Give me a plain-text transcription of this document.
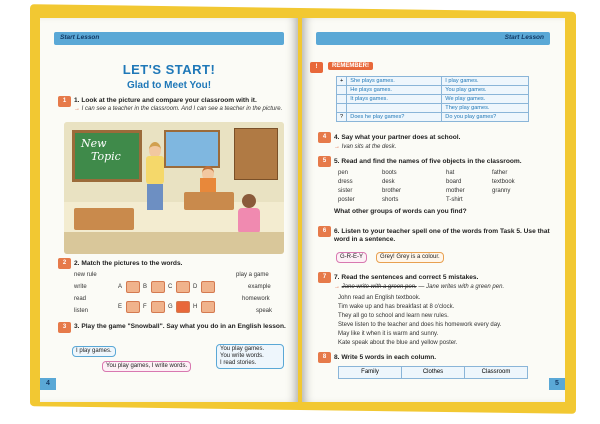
Start Lesson
LET'S START!
Glad to Meet You!
1	1. Look at the picture and compare your classroom with it.
→ I can see a teacher in the classroom. And I can see a teacher in the picture.
New
Topic
2	2. Match the pictures to the words.
new rule
write
read
listen
A	B	C	D
E	F	G	H
play a game
example
homework
speak
3	3. Play the game "Snowball". Say what you do in an English lesson.
I play games.
You play games, I write words.
You play games.
You write words.
I read stories.
4
Start Lesson
!	REMEMBER!
+	She plays games.	I play games.
	He plays games.	You play games.
	It plays games.	We play games.
		They play games.
?	Does he play games?	Do you play games?
4	4. Say what your partner does at school.
→ Ivan sits at the desk.
5	5. Read and find the names of five objects in the classroom.
pen	boots	hat	father
dress	desk	board	textbook
sister	brother	mother	granny
poster	shorts	T-shirt
What other groups of words can you find?
6	6. Listen to your teacher spell one of the words from Task 5. Use that word in a sentence.
G-R-E-Y	Grey! Grey is a colour.
7	7. Read the sentences and correct 5 mistakes.
→ Jane write with a green pen. — Jane writes with a green pen.
John read an English textbook.
Tim wake up and has breakfast at 8 o'clock.
They all go to school and learn new rules.
Steve listen to the teacher and does his homework every day.
May like it when it is warm and sunny.
Kate speak about the blue and yellow poster.
8	8. Write 5 words in each column.
Family	Clothes	Classroom
5
